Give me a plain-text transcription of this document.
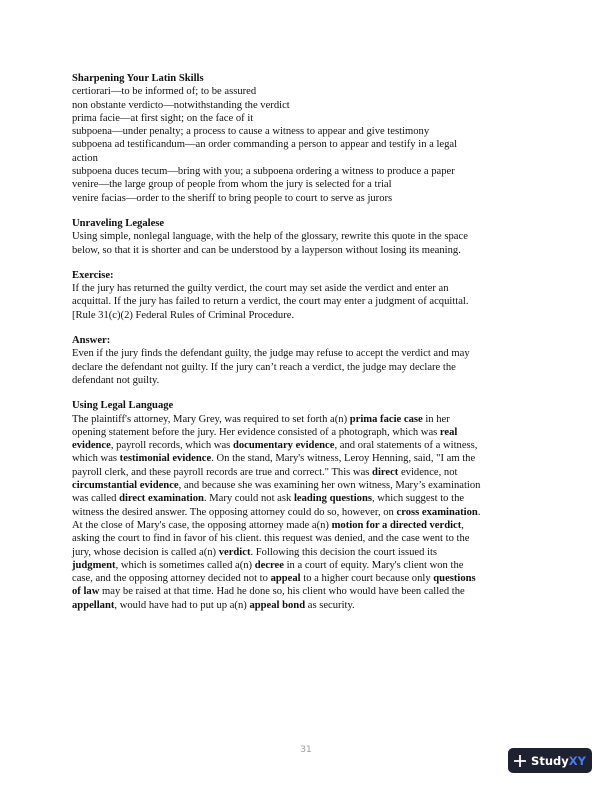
Sharpening Your Latin Skills

certiorari—to be informed of; to be assured

non obstante verdicto—notwithstanding the verdict

prima facie—at first sight; on the face of it

subpoena—under penalty; a process to cause a witness to appear and give testimony

subpoena ad testificandum—an order commanding a person to appear and testify in a legal

action

subpoena duces tecum—bring with you; a subpoena ordering a witness to produce a paper

venire—the large group of people from whom the jury is selected for a trial

venire facias—order to the sheriff to bring people to court to serve as jurors

Unraveling Legalese

Using simple, nonlegal language, with the help of the glossary, rewrite this quote in the space

below, so that it is shorter and can be understood by a layperson without losing its meaning.

Exercise:

If the jury has returned the guilty verdict, the court may set aside the verdict and enter an

acquittal. If the jury has failed to return a verdict, the court may enter a judgment of acquittal.

[Rule 31(c)(2) Federal Rules of Criminal Procedure.

Answer:

Even if the jury finds the defendant guilty, the judge may refuse to accept the verdict and may

declare the defendant not guilty. If the jury can’t reach a verdict, the judge may declare the

defendant not guilty.

Using Legal Language

The plaintiff's attorney, Mary Grey, was required to set forth a(n) prima facie case in her

opening statement before the jury. Her evidence consisted of a photograph, which was real

evidence, payroll records, which was documentary evidence, and oral statements of a witness,

which was testimonial evidence. On the stand, Mary's witness, Leroy Henning, said, "I am the

payroll clerk, and these payroll records are true and correct." This was direct evidence, not

circumstantial evidence, and because she was examining her own witness, Mary’s examination

was called direct examination. Mary could not ask leading questions, which suggest to the

witness the desired answer. The opposing attorney could do so, however, on cross examination.

At the close of Mary's case, the opposing attorney made a(n) motion for a directed verdict,

asking the court to find in favor of his client. this request was denied, and the case went to the

jury, whose decision is called a(n) verdict. Following this decision the court issued its

judgment, which is sometimes called a(n) decree in a court of equity. Mary's client won the

case, and the opposing attorney decided not to appeal to a higher court because only questions

of law may be raised at that time. Had he done so, his client who would have been called the

appellant, would have had to put up a(n) appeal bond as security.

31
StudyXY
